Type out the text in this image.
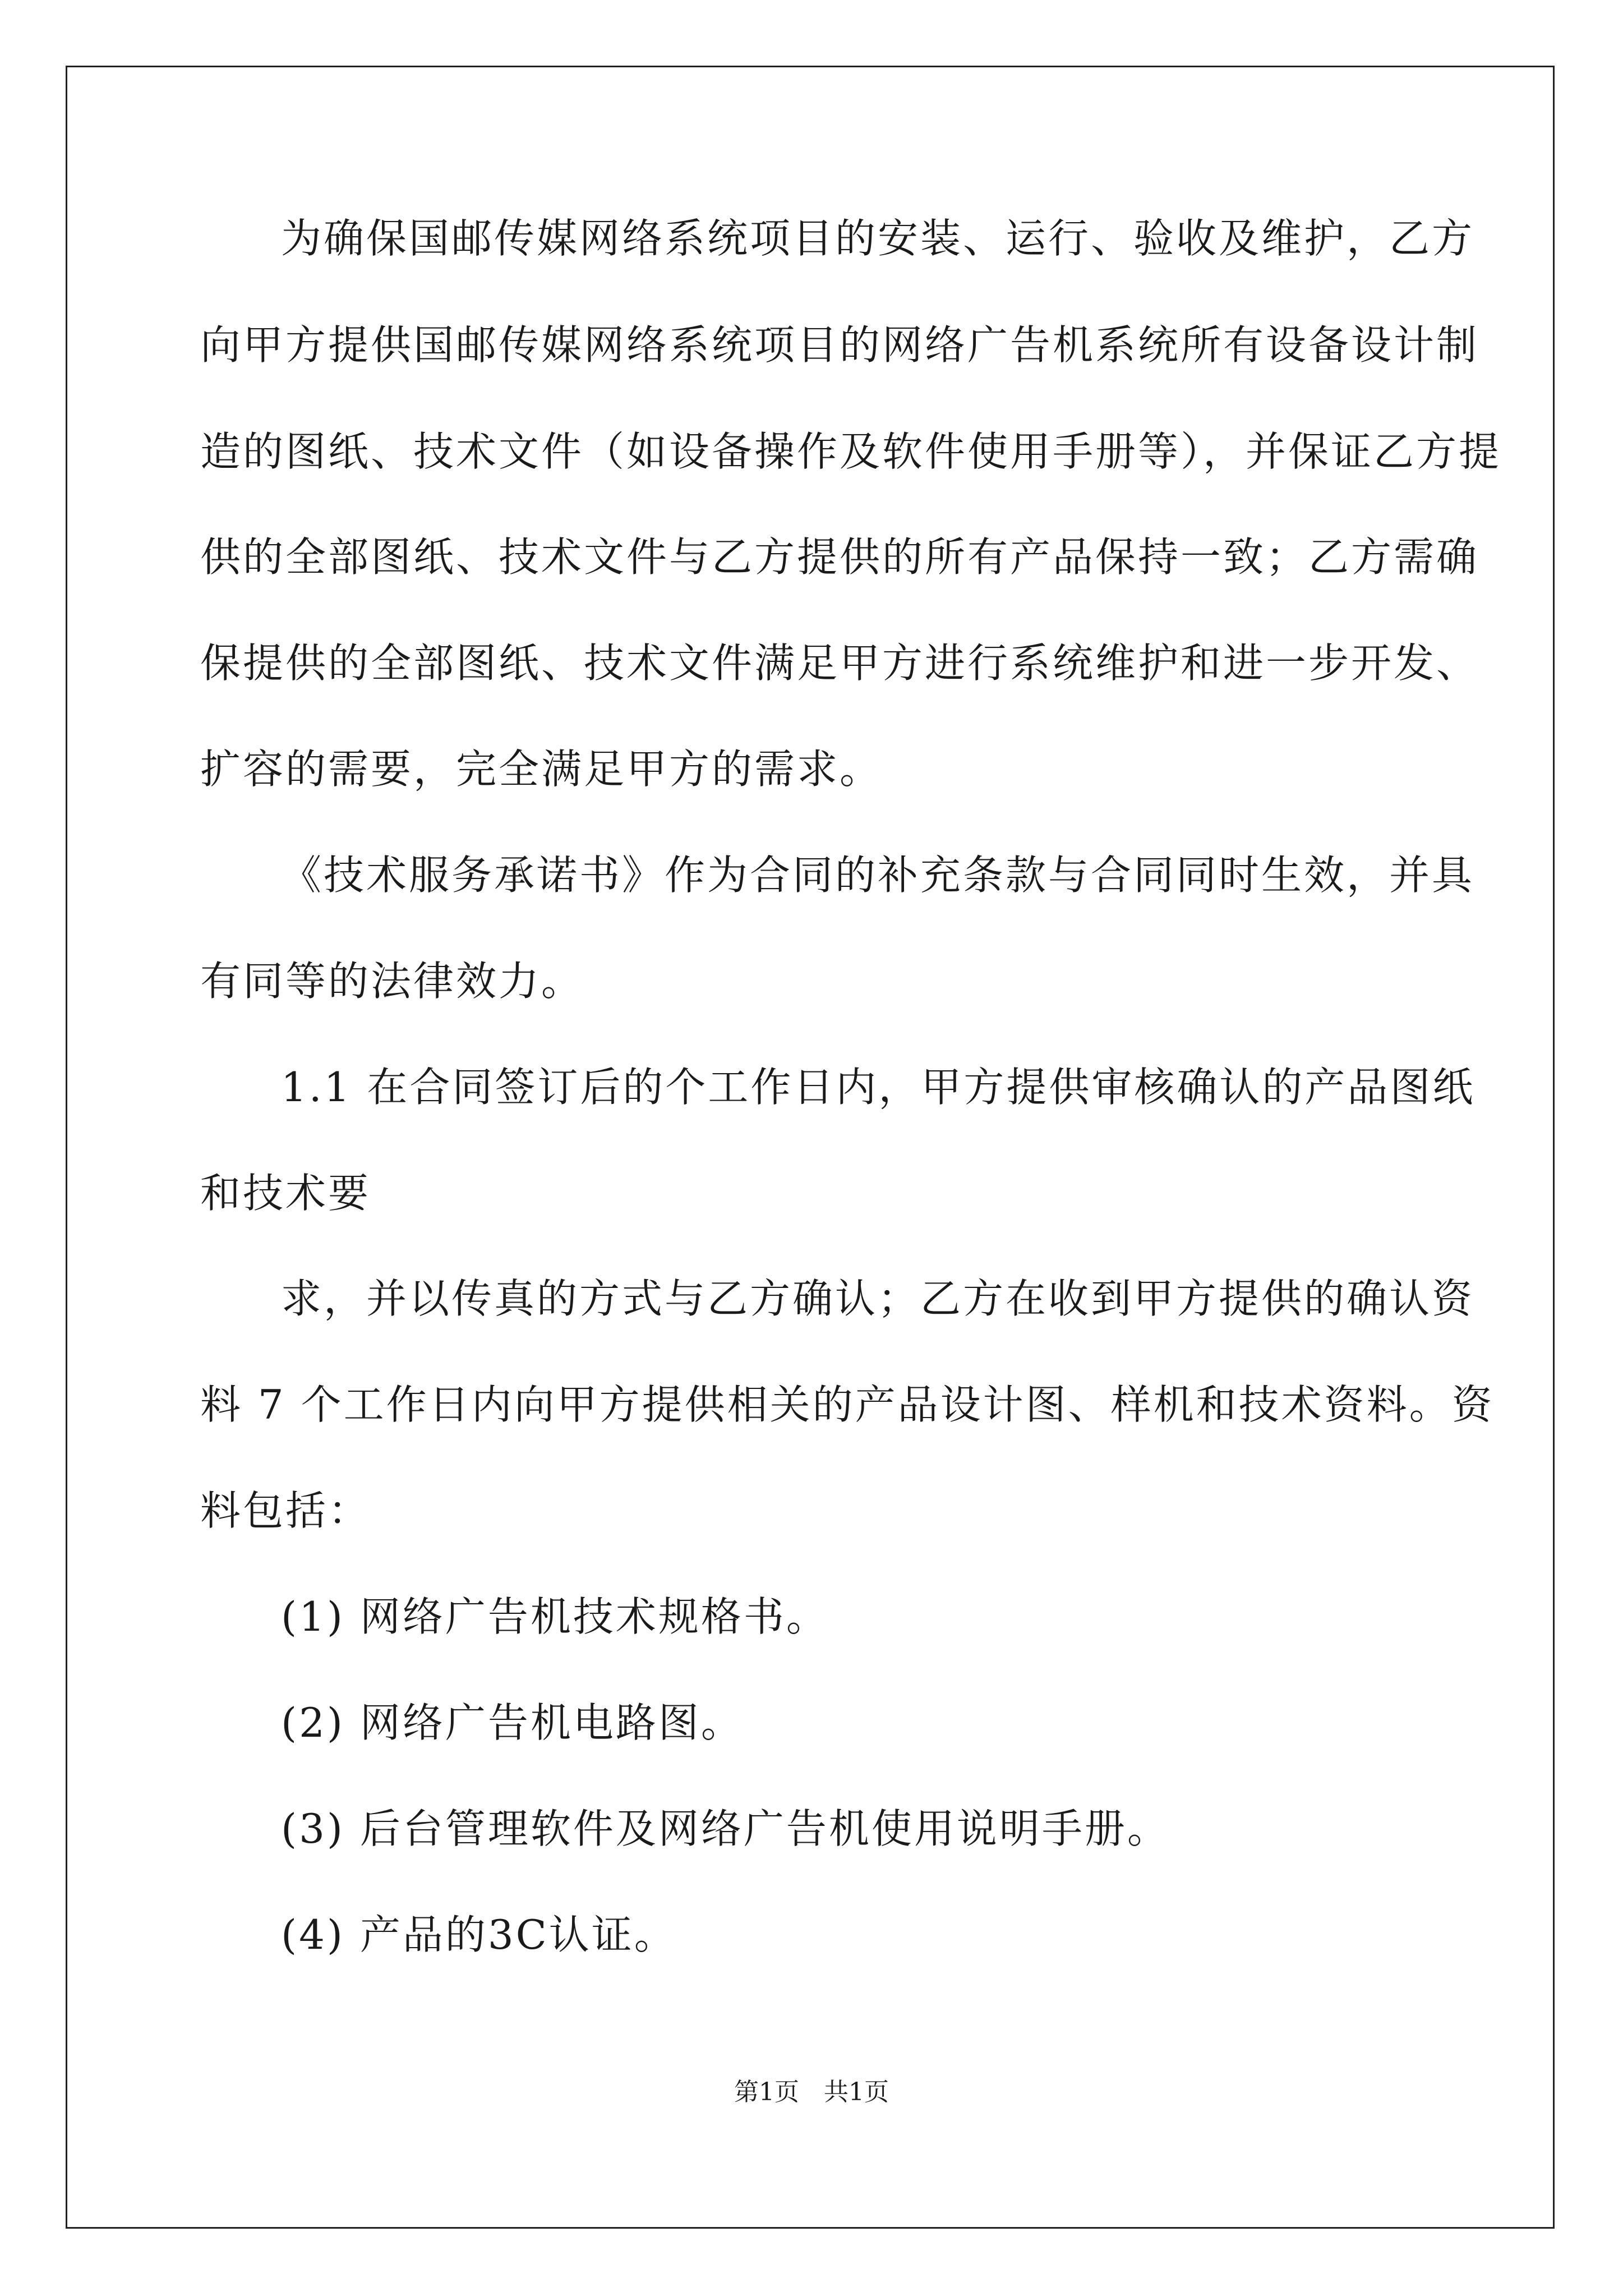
为确保国邮传媒网络系统项目的安装、运行、验收及维护，乙方
向甲方提供国邮传媒网络系统项目的网络广告机系统所有设备设计制
造的图纸、技术文件（如设备操作及软件使用手册等），并保证乙方提
供的全部图纸、技术文件与乙方提供的所有产品保持一致；乙方需确
保提供的全部图纸、技术文件满足甲方进行系统维护和进一步开发、
扩容的需要，完全满足甲方的需求。
《技术服务承诺书》作为合同的补充条款与合同同时生效，并具
有同等的法律效力。
1.1 在合同签订后的个工作日内，甲方提供审核确认的产品图纸
和技术要
求，并以传真的方式与乙方确认；乙方在收到甲方提供的确认资
料 7 个工作日内向甲方提供相关的产品设计图、样机和技术资料。资
料包括：
(1) 网络广告机技术规格书。
(2) 网络广告机电路图。
(3) 后台管理软件及网络广告机使用说明手册。
(4) 产品的3C认证。
第1页　共1页
